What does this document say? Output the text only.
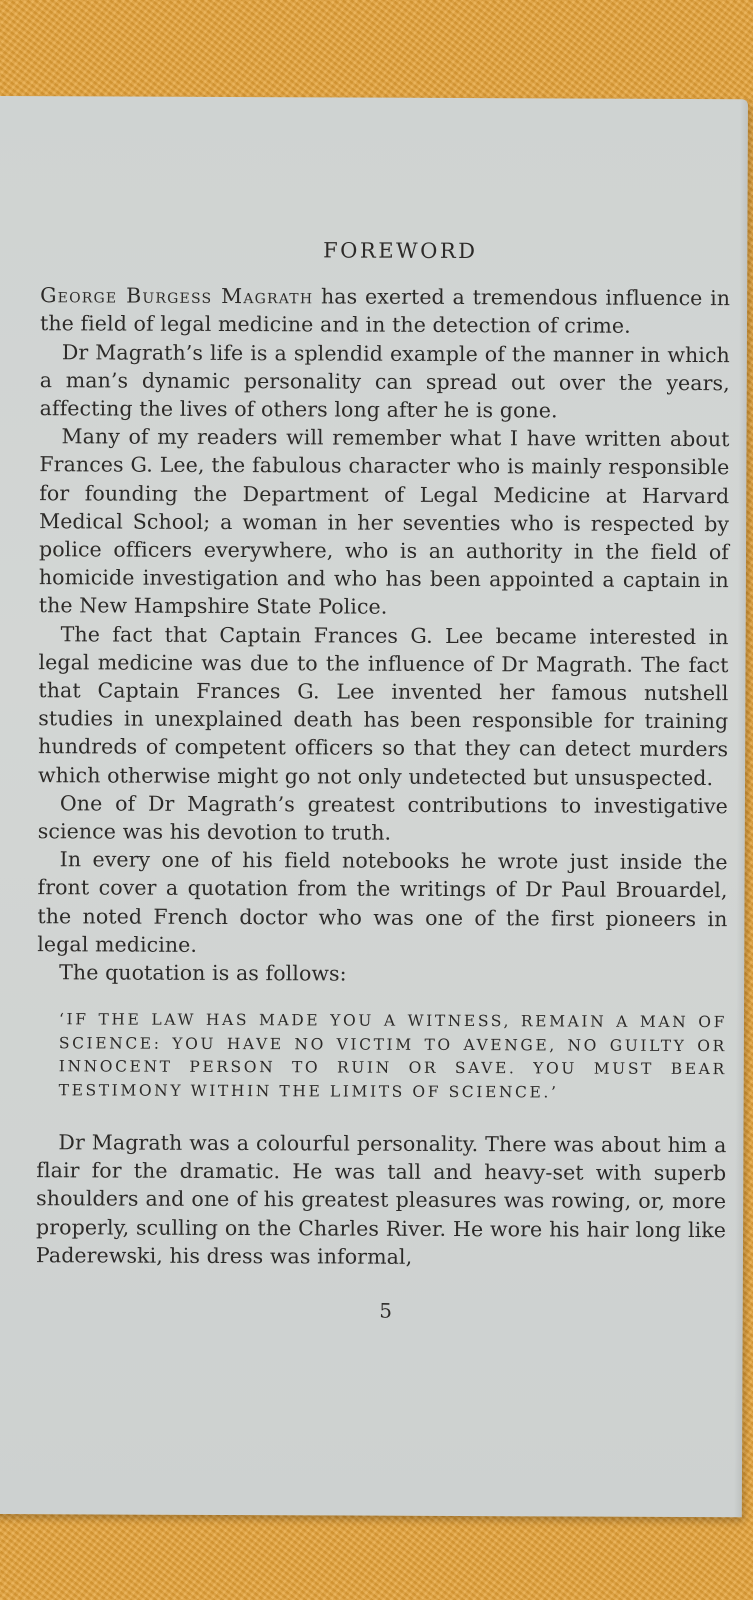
FOREWORD

George Burgess Magrath has exerted a tremendous influence in the field of legal medicine and in the detection of crime.

Dr Magrath’s life is a splendid example of the manner in which a man’s dynamic personality can spread out over the years, affecting the lives of others long after he is gone.

Many of my readers will remember what I have written about Frances G. Lee, the fabulous character who is mainly responsible for founding the Department of Legal Medicine at Harvard Medical School; a woman in her seventies who is respected by police officers everywhere, who is an authority in the field of homicide investigation and who has been appointed a captain in the New Hampshire State Police.

The fact that Captain Frances G. Lee became interested in legal medicine was due to the influence of Dr Magrath. The fact that Captain Frances G. Lee invented her famous nutshell studies in unexplained death has been responsible for training hundreds of competent officers so that they can detect murders which otherwise might go not only undetected but unsuspected.

One of Dr Magrath’s greatest contributions to investigative science was his devotion to truth.

In every one of his field notebooks he wrote just inside the front cover a quotation from the writings of Dr Paul Brouardel, the noted French doctor who was one of the first pioneers in legal medicine.

The quotation is as follows:

‘IF THE LAW HAS MADE YOU A WITNESS, REMAIN A MAN OF SCIENCE: YOU HAVE NO VICTIM TO AVENGE, NO GUILTY OR INNOCENT PERSON TO RUIN OR SAVE. YOU MUST BEAR TESTIMONY WITHIN THE LIMITS OF SCIENCE.’

Dr Magrath was a colourful personality. There was about him a flair for the dramatic. He was tall and heavy-set with superb shoulders and one of his greatest pleasures was rowing, or, more properly, sculling on the Charles River. He wore his hair long like Paderewski, his dress was informal,

5
